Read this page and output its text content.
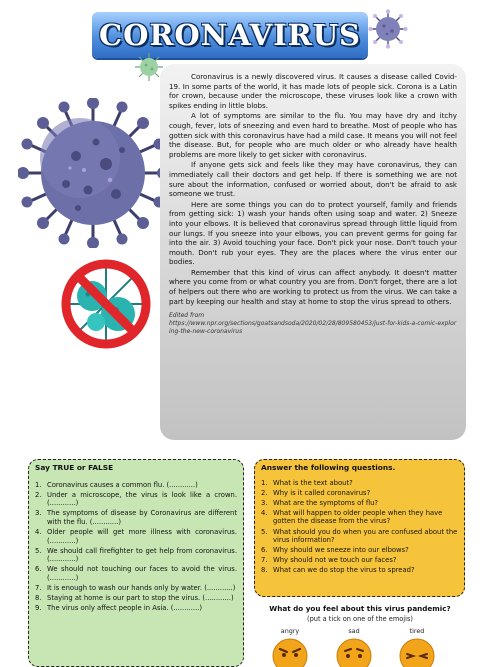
CORONAVIRUS

Coronavirus is a newly discovered virus. It causes a disease called Covid-19. In some parts of the world, it has made lots of people sick. Corona is a Latin for crown, because under the microscope, these viruses look like a crown with spikes ending in little blobs.

A lot of symptoms are similar to the flu. You may have dry and itchy cough, fever, lots of sneezing and even hard to breathe. Most of people who has gotten sick with this coronavirus have had a mild case. It means you will not feel the disease. But, for people who are much older or who already have health problems are more likely to get sicker with coronavirus.

If anyone gets sick and feels like they may have coronavirus, they can immediately call their doctors and get help. If there is something we are not sure about the information, confused or worried about, don't be afraid to ask someone we trust.

Here are some things you can do to protect yourself, family and friends from getting sick: 1) wash your hands often using soap and water. 2) Sneeze into your elbows. It is believed that coronavirus spread through little liquid from our lungs. If you sneeze into your elbows, you can prevent germs for going far into the air. 3) Avoid touching your face. Don't pick your nose. Don't touch your mouth. Don't rub your eyes. They are the places where the virus enter our bodies.

Remember that this kind of virus can affect anybody. It doesn't matter where you come from or what country you are from. Don't forget, there are a lot of helpers out there who are working to protect us from the virus. We can take a part by keeping our health and stay at home to stop the virus spread to others.

Edited from
https://www.npr.org/sections/goatsandsoda/2020/02/28/809580453/just-for-kids-a-comic-exploring-the-new-coronavirus
Say TRUE or FALSE
1. Coronavirus causes a common flu. (............)
2. Under a microscope, the virus is look like a crown. (............)
3. The symptoms of disease by Coronavirus are different with the flu. (............)
4. Older people will get more illness with coronavirus. (............)
5. We should call firefighter to get help from coronavirus. (............)
6. We should not touching our faces to avoid the virus. (............)
7. It is enough to wash our hands only by water. (............)
8. Staying at home is our part to stop the virus. (............)
9. The virus only affect people in Asia. (............)
Answer the following questions.
1. What is the text about?
2. Why is it called coronavirus?
3. What are the symptoms of flu?
4. What will happen to older people when they have gotten the disease from the virus?
5. What should you do when you are confused about the virus information?
6. Why should we sneeze into our elbows?
7. Why should not we touch our faces?
8. What can we do stop the virus to spread?
What do you feel about this virus pandemic?
(put a tick on one of the emojis)
angry	sad	tired
